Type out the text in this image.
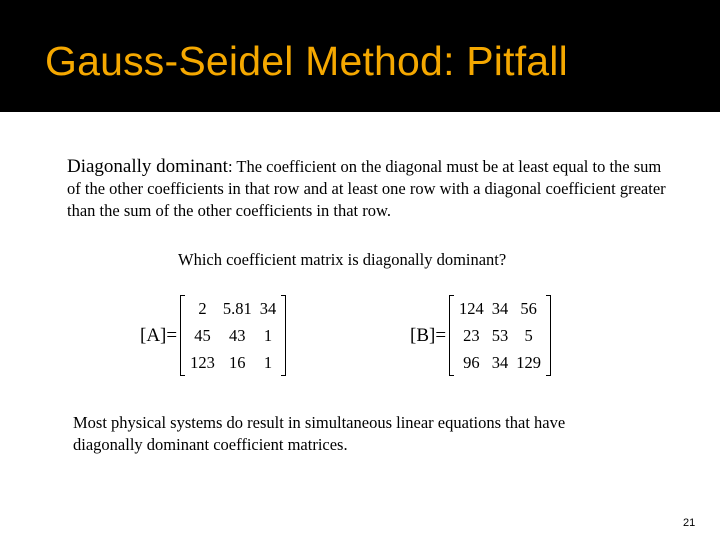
Gauss-Seidel Method: Pitfall
Diagonally dominant: The coefficient on the diagonal must be at least equal to the sum of the other coefficients in that row and at least one row with a diagonal coefficient greater than the sum of the other coefficients in that row.
Which coefficient matrix is diagonally dominant?
[A]=
2	5.81	34
45	43	1
123	16	1
[B]=
124	34	56
23	53	5
96	34	129
Most physical systems do result in simultaneous linear equations that have diagonally dominant coefficient matrices.
21
